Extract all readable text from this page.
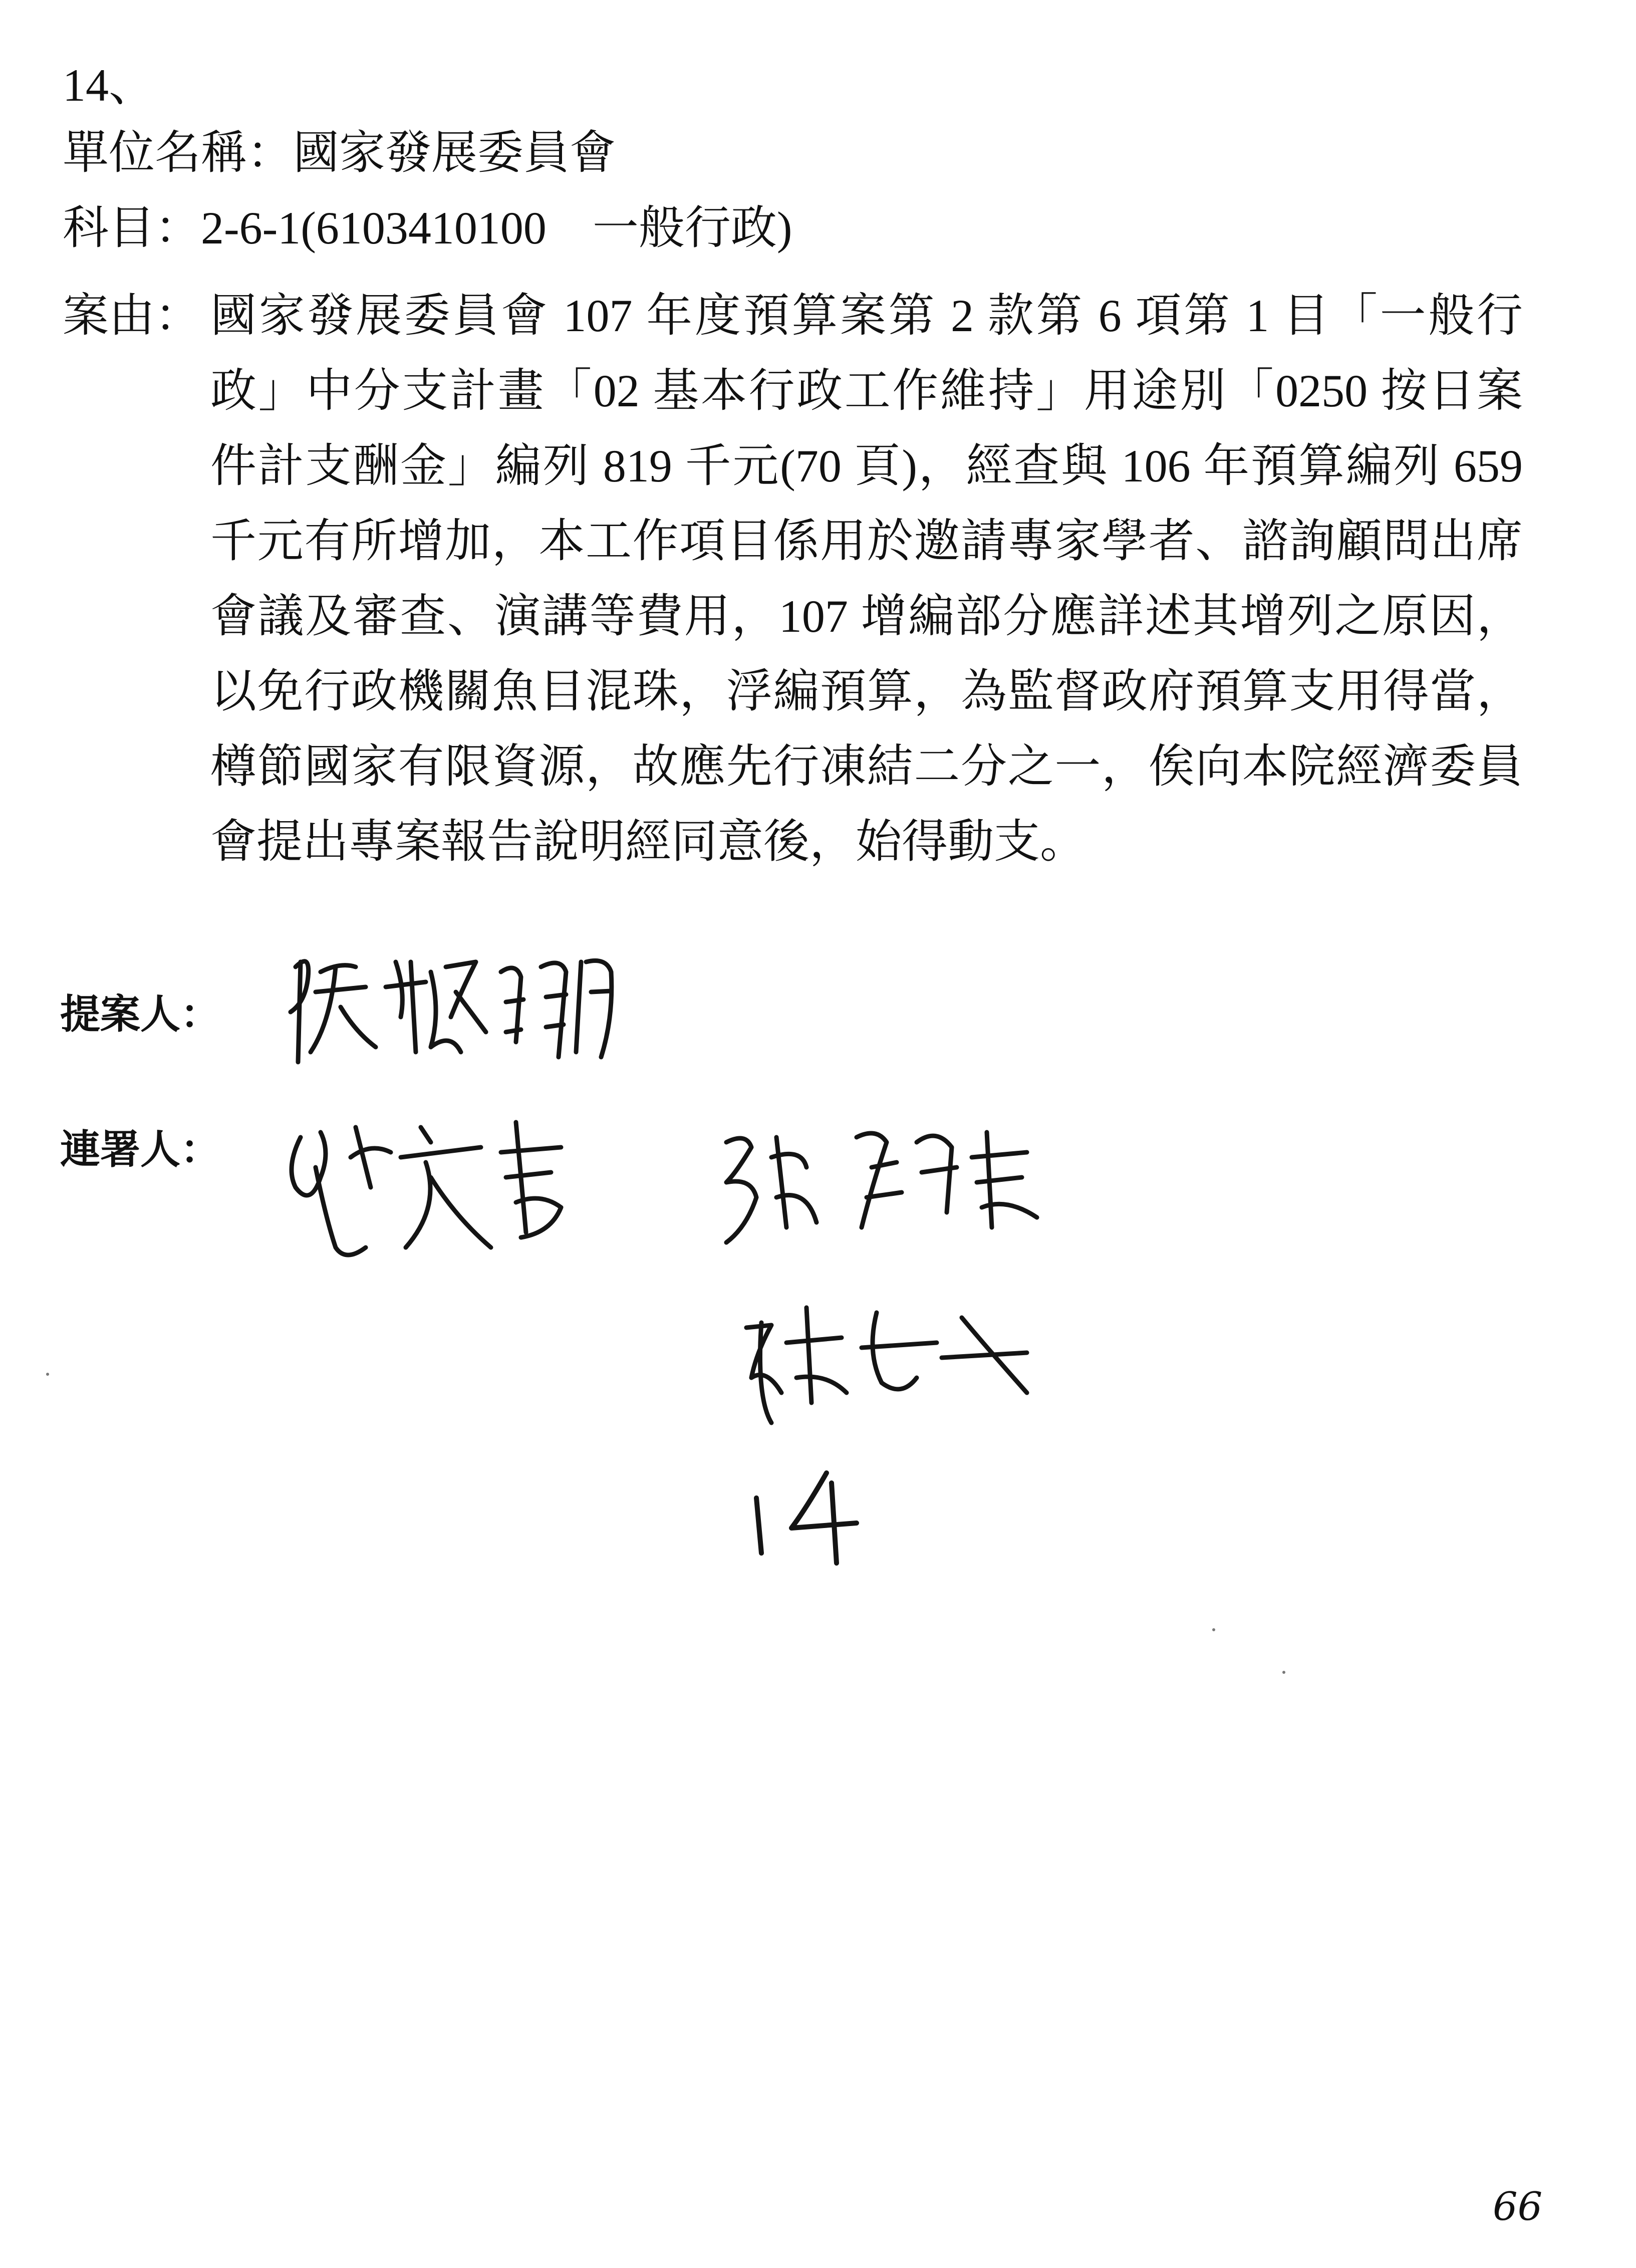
14、
單位名稱：國家發展委員會
科目：2-6-1(6103410100　一般行政)
案由： 國家發展委員會 107 年度預算案第 2 款第 6 項第 1 目「一般行政」中分支計畫「02 基本行政工作維持」用途別「0250 按日案件計支酬金」編列 819 千元(70 頁)，經查與 106 年預算編列 659 千元有所增加，本工作項目係用於邀請專家學者、諮詢顧問出席會議及審查、演講等費用，107 增編部分應詳述其增列之原因，以免行政機關魚目混珠，浮編預算，為監督政府預算支用得當，樽節國家有限資源，故應先行凍結二分之一，俟向本院經濟委員會提出專案報告說明經同意後，始得動支。

提案人：
連署人：
66
